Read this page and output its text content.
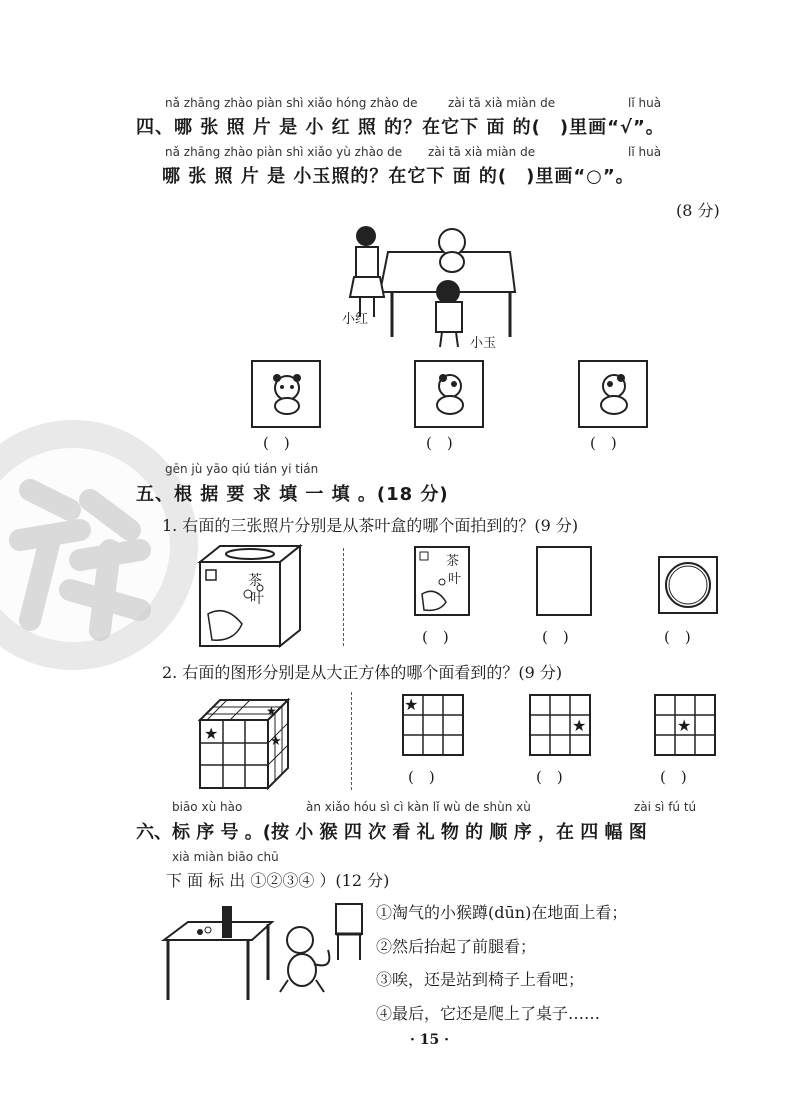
nǎ zhāng zhào piàn shì xiǎo hóng zhào de	zài tā xià miàn de	lǐ huà
四、哪 张 照 片 是 小 红 照 的？在它下 面 的(　)里画“√”。
nǎ zhāng zhào piàn shì xiǎo yù zhào de zài tā xià miàn de	lǐ huà
哪 张 照 片 是 小玉照的？在它下 面 的(　)里画“○”。
(8 分)
小红
小玉
(　)	(　)	(　)
gēn jù yāo qiú tián yi tián
五、根 据 要 求 填 一 填 。(18 分)
1. 右面的三张照片分别是从茶叶盒的哪个面拍到的？(9 分)
茶
叶
茶
叶
(　)	(　)	(　)
2. 右面的图形分别是从大正方体的哪个面看到的？(9 分)
★
★
★
★
★	★
(　)	(　)	(　)
biāo xù hào	àn xiǎo hóu sì cì kàn lǐ wù de shùn xù	zài sì fú tú
六、标 序 号 。(按 小 猴 四 次 看 礼 物 的 顺 序 ，在 四 幅 图
xià miàn biāo chū
下 面 标 出 ①②③④ ）(12 分)
①淘气的小猴蹲(dūn)在地面上看；
②然后抬起了前腿看；
③唉，还是站到椅子上看吧；
④最后，它还是爬上了桌子……
· 15 ·
